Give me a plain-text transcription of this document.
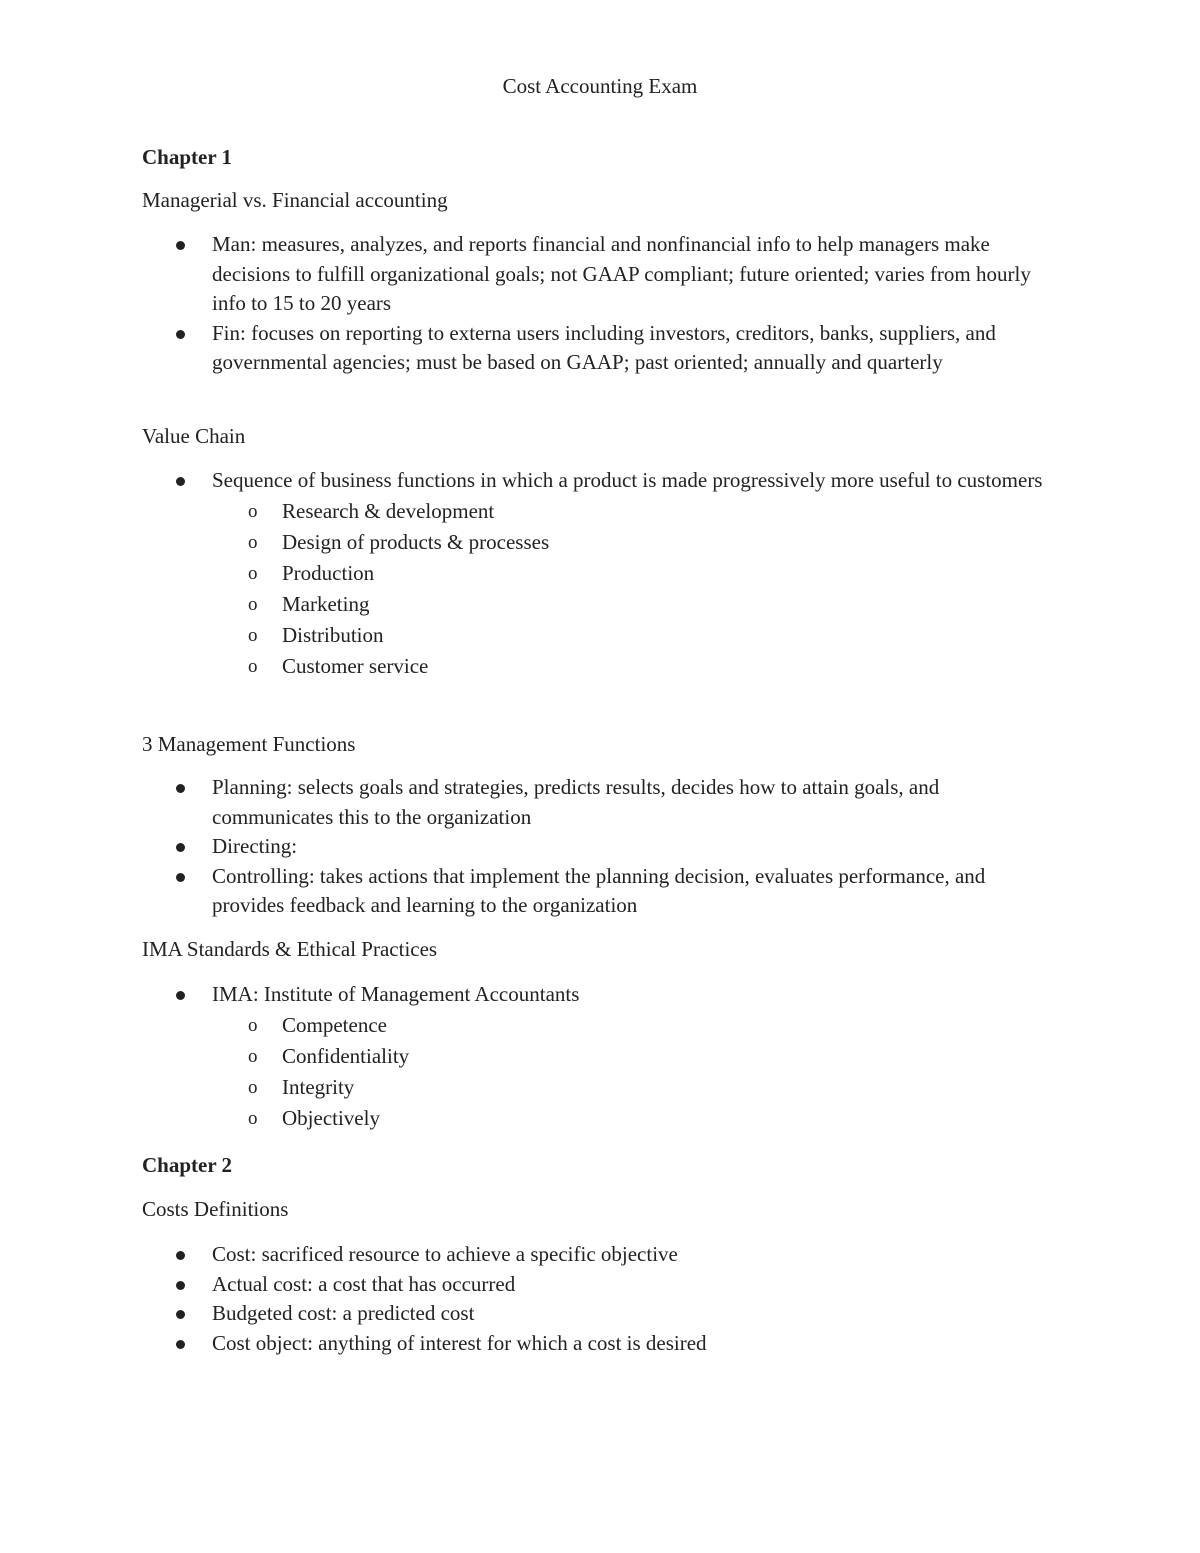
Cost Accounting Exam
Chapter 1
Managerial vs. Financial accounting
Man: measures, analyzes, and reports financial and nonfinancial info to help managers make decisions to fulfill organizational goals; not GAAP compliant; future oriented; varies from hourly info to 15 to 20 years
Fin: focuses on reporting to externa users including investors, creditors, banks, suppliers, and governmental agencies; must be based on GAAP; past oriented; annually and quarterly
Value Chain
Sequence of business functions in which a product is made progressively more useful to customers
o Research & development
o Design of products & processes
o Production
o Marketing
o Distribution
o Customer service
3 Management Functions
Planning: selects goals and strategies, predicts results, decides how to attain goals, and communicates this to the organization
Directing:
Controlling: takes actions that implement the planning decision, evaluates performance, and provides feedback and learning to the organization
IMA Standards & Ethical Practices
IMA: Institute of Management Accountants
o Competence
o Confidentiality
o Integrity
o Objectively
Chapter 2
Costs Definitions
Cost: sacrificed resource to achieve a specific objective
Actual cost: a cost that has occurred
Budgeted cost: a predicted cost
Cost object: anything of interest for which a cost is desired
